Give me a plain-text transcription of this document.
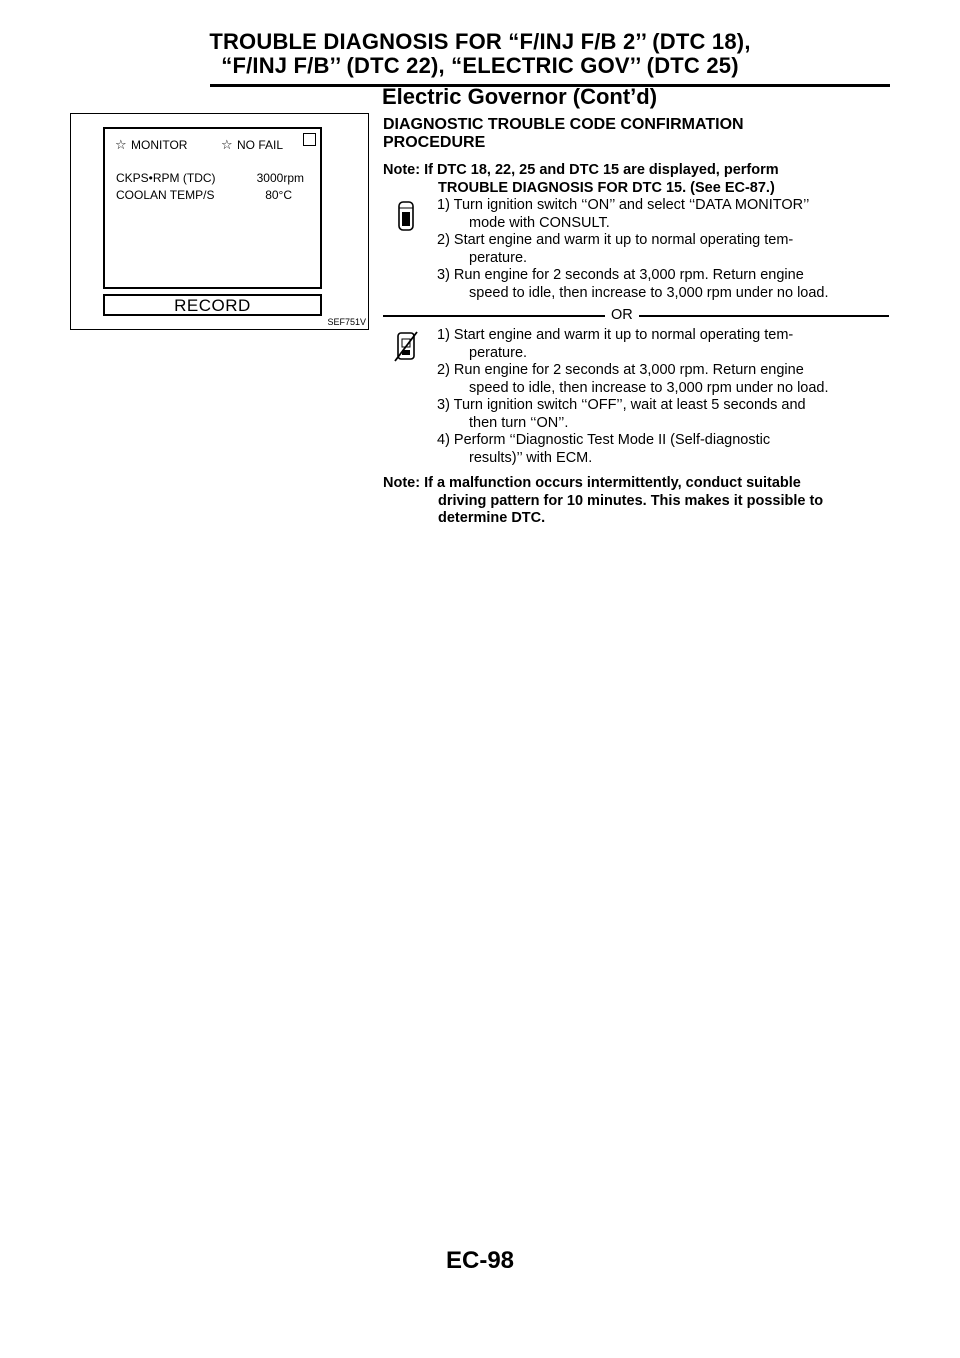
TROUBLE DIAGNOSIS FOR “F/INJ F/B 2’’ (DTC 18),
“F/INJ F/B’’ (DTC 22), “ELECTRIC GOV’’ (DTC 25)
Electric Governor (Cont’d)
☆ MONITOR	☆ NO FAIL
CKPS•RPM (TDC)	3000rpm
COOLAN TEMP/S	80°C
RECORD
SEF751V
DIAGNOSTIC TROUBLE CODE CONFIRMATION
PROCEDURE
Note: If DTC 18, 22, 25 and DTC 15 are displayed, perform
TROUBLE DIAGNOSIS FOR DTC 15. (See EC-87.)
1) Turn ignition switch ‘‘ON’’ and select ‘‘DATA MONITOR’’
mode with CONSULT.
2) Start engine and warm it up to normal operating tem-
perature.
3) Run engine for 2 seconds at 3,000 rpm. Return engine
speed to idle, then increase to 3,000 rpm under no load.
OR
1) Start engine and warm it up to normal operating tem-
perature.
2) Run engine for 2 seconds at 3,000 rpm. Return engine
speed to idle, then increase to 3,000 rpm under no load.
3) Turn ignition switch ‘‘OFF’’, wait at least 5 seconds and
then turn ‘‘ON’’.
4) Perform ‘‘Diagnostic Test Mode II (Self-diagnostic
results)’’ with ECM.
Note: If a malfunction occurs intermittently, conduct suitable
driving pattern for 10 minutes. This makes it possible to
determine DTC.
EC-98
